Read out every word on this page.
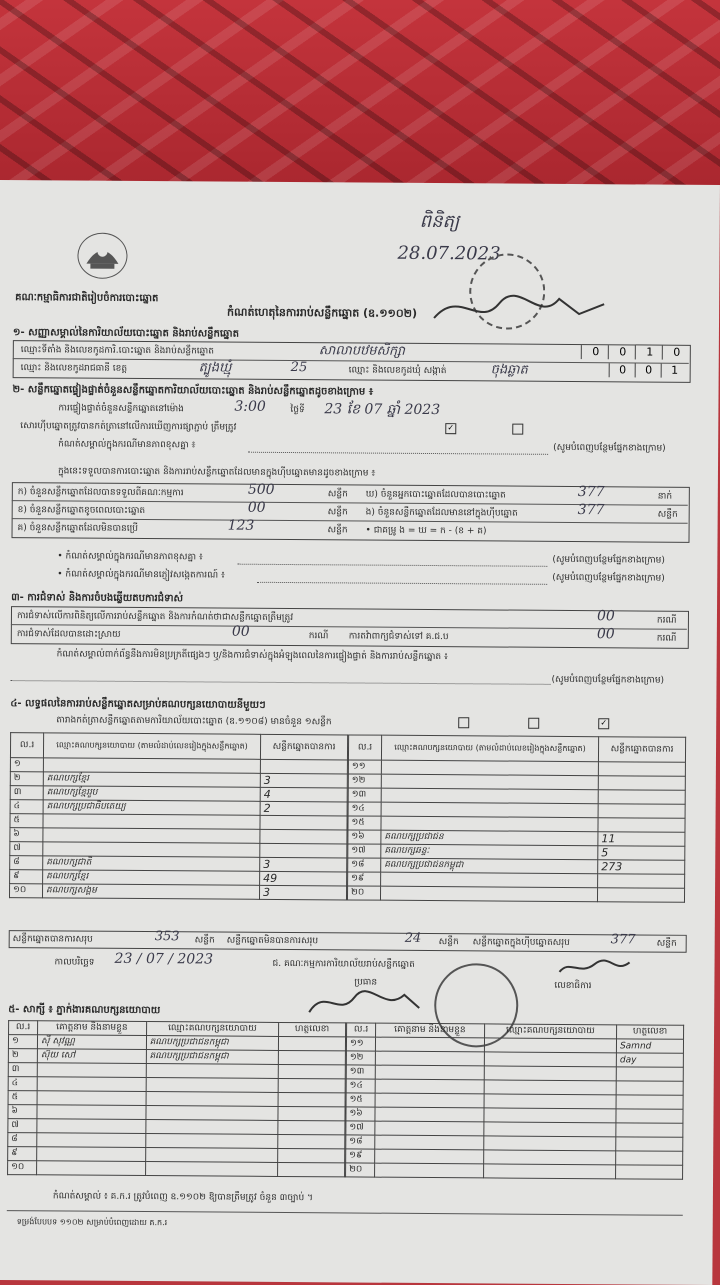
គណៈកម្មាធិការជាតិរៀបចំការបោះឆ្នោត
កំណត់ហេតុនៃការរាប់សន្លឹកឆ្នោត (ឧ.១១០២)
ពិនិត្យ
28.07.2023
១- សញ្ញាសម្គាល់នៃការិយាល័យបោះឆ្នោត និងរាប់សន្លឹកឆ្នោត
ឈ្មោះទីតាំង និងលេខកូដការិ.បោះឆ្នោត និងរាប់សន្លឹកឆ្នោត	សាលាបឋមសិក្សា	0	0	1	0
ឈ្មោះ និងលេខកូដរាជធានី ខេត្ត	ត្បូងឃ្មុំ	25	ឈ្មោះ និងលេខកូដឃុំ សង្កាត់	ចុងឆ្លាត	0	0	1
២- សន្លឹកឆ្នោតផ្ទៀងផ្ទាត់ចំនួនសន្លឹកឆ្នោតការិយាល័យបោះឆ្នោត និងរាប់សន្លឹកឆ្នោតដូចខាងក្រោម ៖
ការផ្ទៀងផ្ទាត់ចំនួនសន្លឹកឆ្នោតនៅម៉ោង	3:00	ថ្ងៃទី 23 ខែ 07 ឆ្នាំ 2023
សោរហ៊ីបឆ្នោតត្រូវបានកត់ត្រានៅលើការឃើញការផ្សាភ្ជាប់ ត្រឹមត្រូវ	✓
កំណត់សម្គាល់ក្នុងករណីមានភាពខុសគ្នា ៖	(សូមបំពេញបន្ថែមផ្នែកខាងក្រោម)
ក្នុងនេះទទួលបានការបោះឆ្នោត និងការរាប់សន្លឹកឆ្នោតដែលមានក្នុងហ៊ីបឆ្នោតមានដូចខាងក្រោម ៖
ក) ចំនួនសន្លឹកឆ្នោតដែលបានទទួលពីគណៈកម្មការ	500	សន្លឹក ឃ) ចំនួនអ្នកបោះឆ្នោតដែលបានបោះឆ្នោត	377	នាក់
ខ) ចំនួនសន្លឹកឆ្នោតខូចពេលបោះឆ្នោត	00	សន្លឹក ង) ចំនួនសន្លឹកឆ្នោតដែលមាននៅក្នុងហ៊ីបឆ្នោត	377	សន្លឹក
គ) ចំនួនសន្លឹកឆ្នោតដែលមិនបានប្រើ	123	សន្លឹក • ជាគម្រូ ង = ឃ = ក - (ខ + គ)
• កំណត់សម្គាល់ក្នុងករណីមានភាពខុសគ្នា ៖	(សូមបំពេញបន្ថែមផ្នែកខាងក្រោម)
• កំណត់សម្គាល់ក្នុងករណីមានភ្ញៀវសង្កេតការណ៍ ៖	(សូមបំពេញបន្ថែមផ្នែកខាងក្រោម)
៣- ការជំទាស់ និងការចំបងឆ្លើយតបការជំទាស់
ការជំទាស់លើការពិនិត្យលើការរាប់សន្លឹកឆ្នោត និងការកំណត់ថាជាសន្លឹកឆ្នោតត្រឹមត្រូវ	00	ករណី
ការជំទាស់ដែលបានដោះស្រាយ	00	ករណី ការតវ៉ាពាក្យជំទាស់ទៅ គ.ជ.ប	00	ករណី
កំណត់សម្គាល់ពាក់ព័ន្ធនឹងការមិនប្រក្រតីផ្សេងៗ ឬ/និងការជំទាស់ក្នុងអំឡុងពេលនៃការផ្ទៀងផ្ទាត់ និងការរាប់សន្លឹកឆ្នោត ៖
(សូមបំពេញបន្ថែមផ្នែកខាងក្រោម)
៤- លទ្ធផលនៃការរាប់សន្លឹកឆ្នោតសម្រាប់គណបក្សនយោបាយនីមួយៗ
តារាងកត់ត្រាសន្លឹកឆ្នោតតាមការិយាល័យបោះឆ្នោត (ឧ.១១០៨) មានចំនួន ១សន្លឹក	✓
ល.រ	ឈ្មោះគណបក្សនយោបាយ (តាមលំដាប់លេខរៀងក្នុងសន្លឹកឆ្នោត)	សន្លឹកឆ្នោតបានការ
១		
២	គណបក្សខ្មែរ	3
៣	គណបក្សខ្មែររួប	4
៤	គណបក្សប្រជាធិបតេយ្យ	2
៥		
៦		
៧		
៨	គណបក្សជាតិ	3
៩	គណបក្សខ្មែរ	49
១០	គណបក្សសង្គម	3
ល.រ	ឈ្មោះគណបក្សនយោបាយ (តាមលំដាប់លេខរៀងក្នុងសន្លឹកឆ្នោត)	សន្លឹកឆ្នោតបានការ
១១		
១២		
១៣		
១៤		
១៥		
១៦	គណបក្សប្រជាជន	11
១៧	គណបក្សឆន្ទៈ	5
១៨	គណបក្សប្រជាជនកម្ពុជា	273
១៩		
២០		
សន្លឹកឆ្នោតបានការសរុប	353 សន្លឹក សន្លឹកឆ្នោតមិនបានការសរុប	24 សន្លឹក សន្លឹកឆ្នោតក្នុងហ៊ីបឆ្នោតសរុប	377 សន្លឹក
កាលបរិច្ឆេទ 23 / 07 / 2023	ជ. គណៈកម្មការការិយាល័យរាប់សន្លឹកឆ្នោត
ប្រធាន	លេខាធិការ
៥- សាក្សី ៖ ភ្នាក់ងារគណបក្សនយោបាយ
ល.រ	គោត្តនាម និងនាមខ្លួន	ឈ្មោះគណបក្សនយោបាយ	ហត្ថលេខា
១	ស៊ី សុវណ្ណ	គណបក្សប្រជាជនកម្ពុជា	
២	ស៊ុយ សៅ	គណបក្សប្រជាជនកម្ពុជា	
៣			
៤			
៥			
៦			
៧			
៨			
៩			
១០			
ល.រ	គោត្តនាម និងនាមខ្លួន	ឈ្មោះគណបក្សនយោបាយ	ហត្ថលេខា
១១			Samnd
១២			day
១៣			
១៤			
១៥			
១៦			
១៧			
១៨			
១៩			
២០			
កំណត់សម្គាល់ ៖ គ.ក.រ ត្រូវបំពេញ ឧ.១១០២ ឱ្យបានត្រឹមត្រូវ ចំនួន ៣ច្បាប់ ។
ទម្រង់បែបបទ ១១០២ សម្រាប់បំពេញដោយ គ.ក.រ
